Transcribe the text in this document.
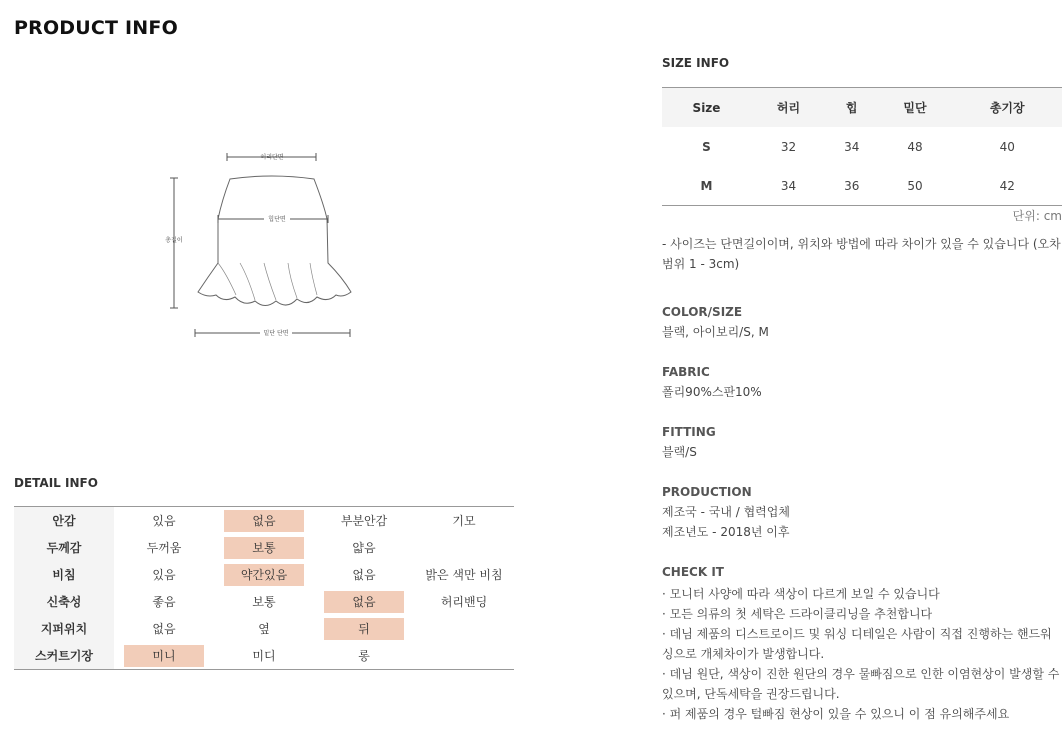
PRODUCT INFO
허리단면
총길이
힙단면
밑단 단면
DETAIL INFO
안감	있음	없음	부분안감	기모
두께감	두꺼움	보통	얇음	
비침	있음	약간있음	없음	밝은 색만 비침
신축성	좋음	보통	없음	허리밴딩
지퍼위치	없음	옆	뒤	
스커트기장	미니	미디	롱	
SIZE INFO
Size	허리	힙	밑단	총기장
S	32	34	48	40
M	34	36	50	42
단위: cm
- 사이즈는 단면길이이며, 위치와 방법에 따라 차이가 있을 수 있습니다 (오차범위 1 - 3cm)
COLOR/SIZE
블랙, 아이보리/S, M
FABRIC
폴리90%스판10%
FITTING
블랙/S
PRODUCTION
제조국 - 국내 / 협력업체
제조년도 - 2018년 이후
CHECK IT
· 모니터 사양에 따라 색상이 다르게 보일 수 있습니다
· 모든 의류의 첫 세탁은 드라이클리닝을 추천합니다
· 데님 제품의 디스트로이드 및 워싱 디테일은 사람이 직접 진행하는 핸드워싱으로 개체차이가 발생합니다.
· 데님 원단, 색상이 진한 원단의 경우 물빠짐으로 인한 이염현상이 발생할 수 있으며, 단독세탁을 권장드립니다.
· 퍼 제품의 경우 털빠짐 현상이 있을 수 있으니 이 점 유의해주세요
